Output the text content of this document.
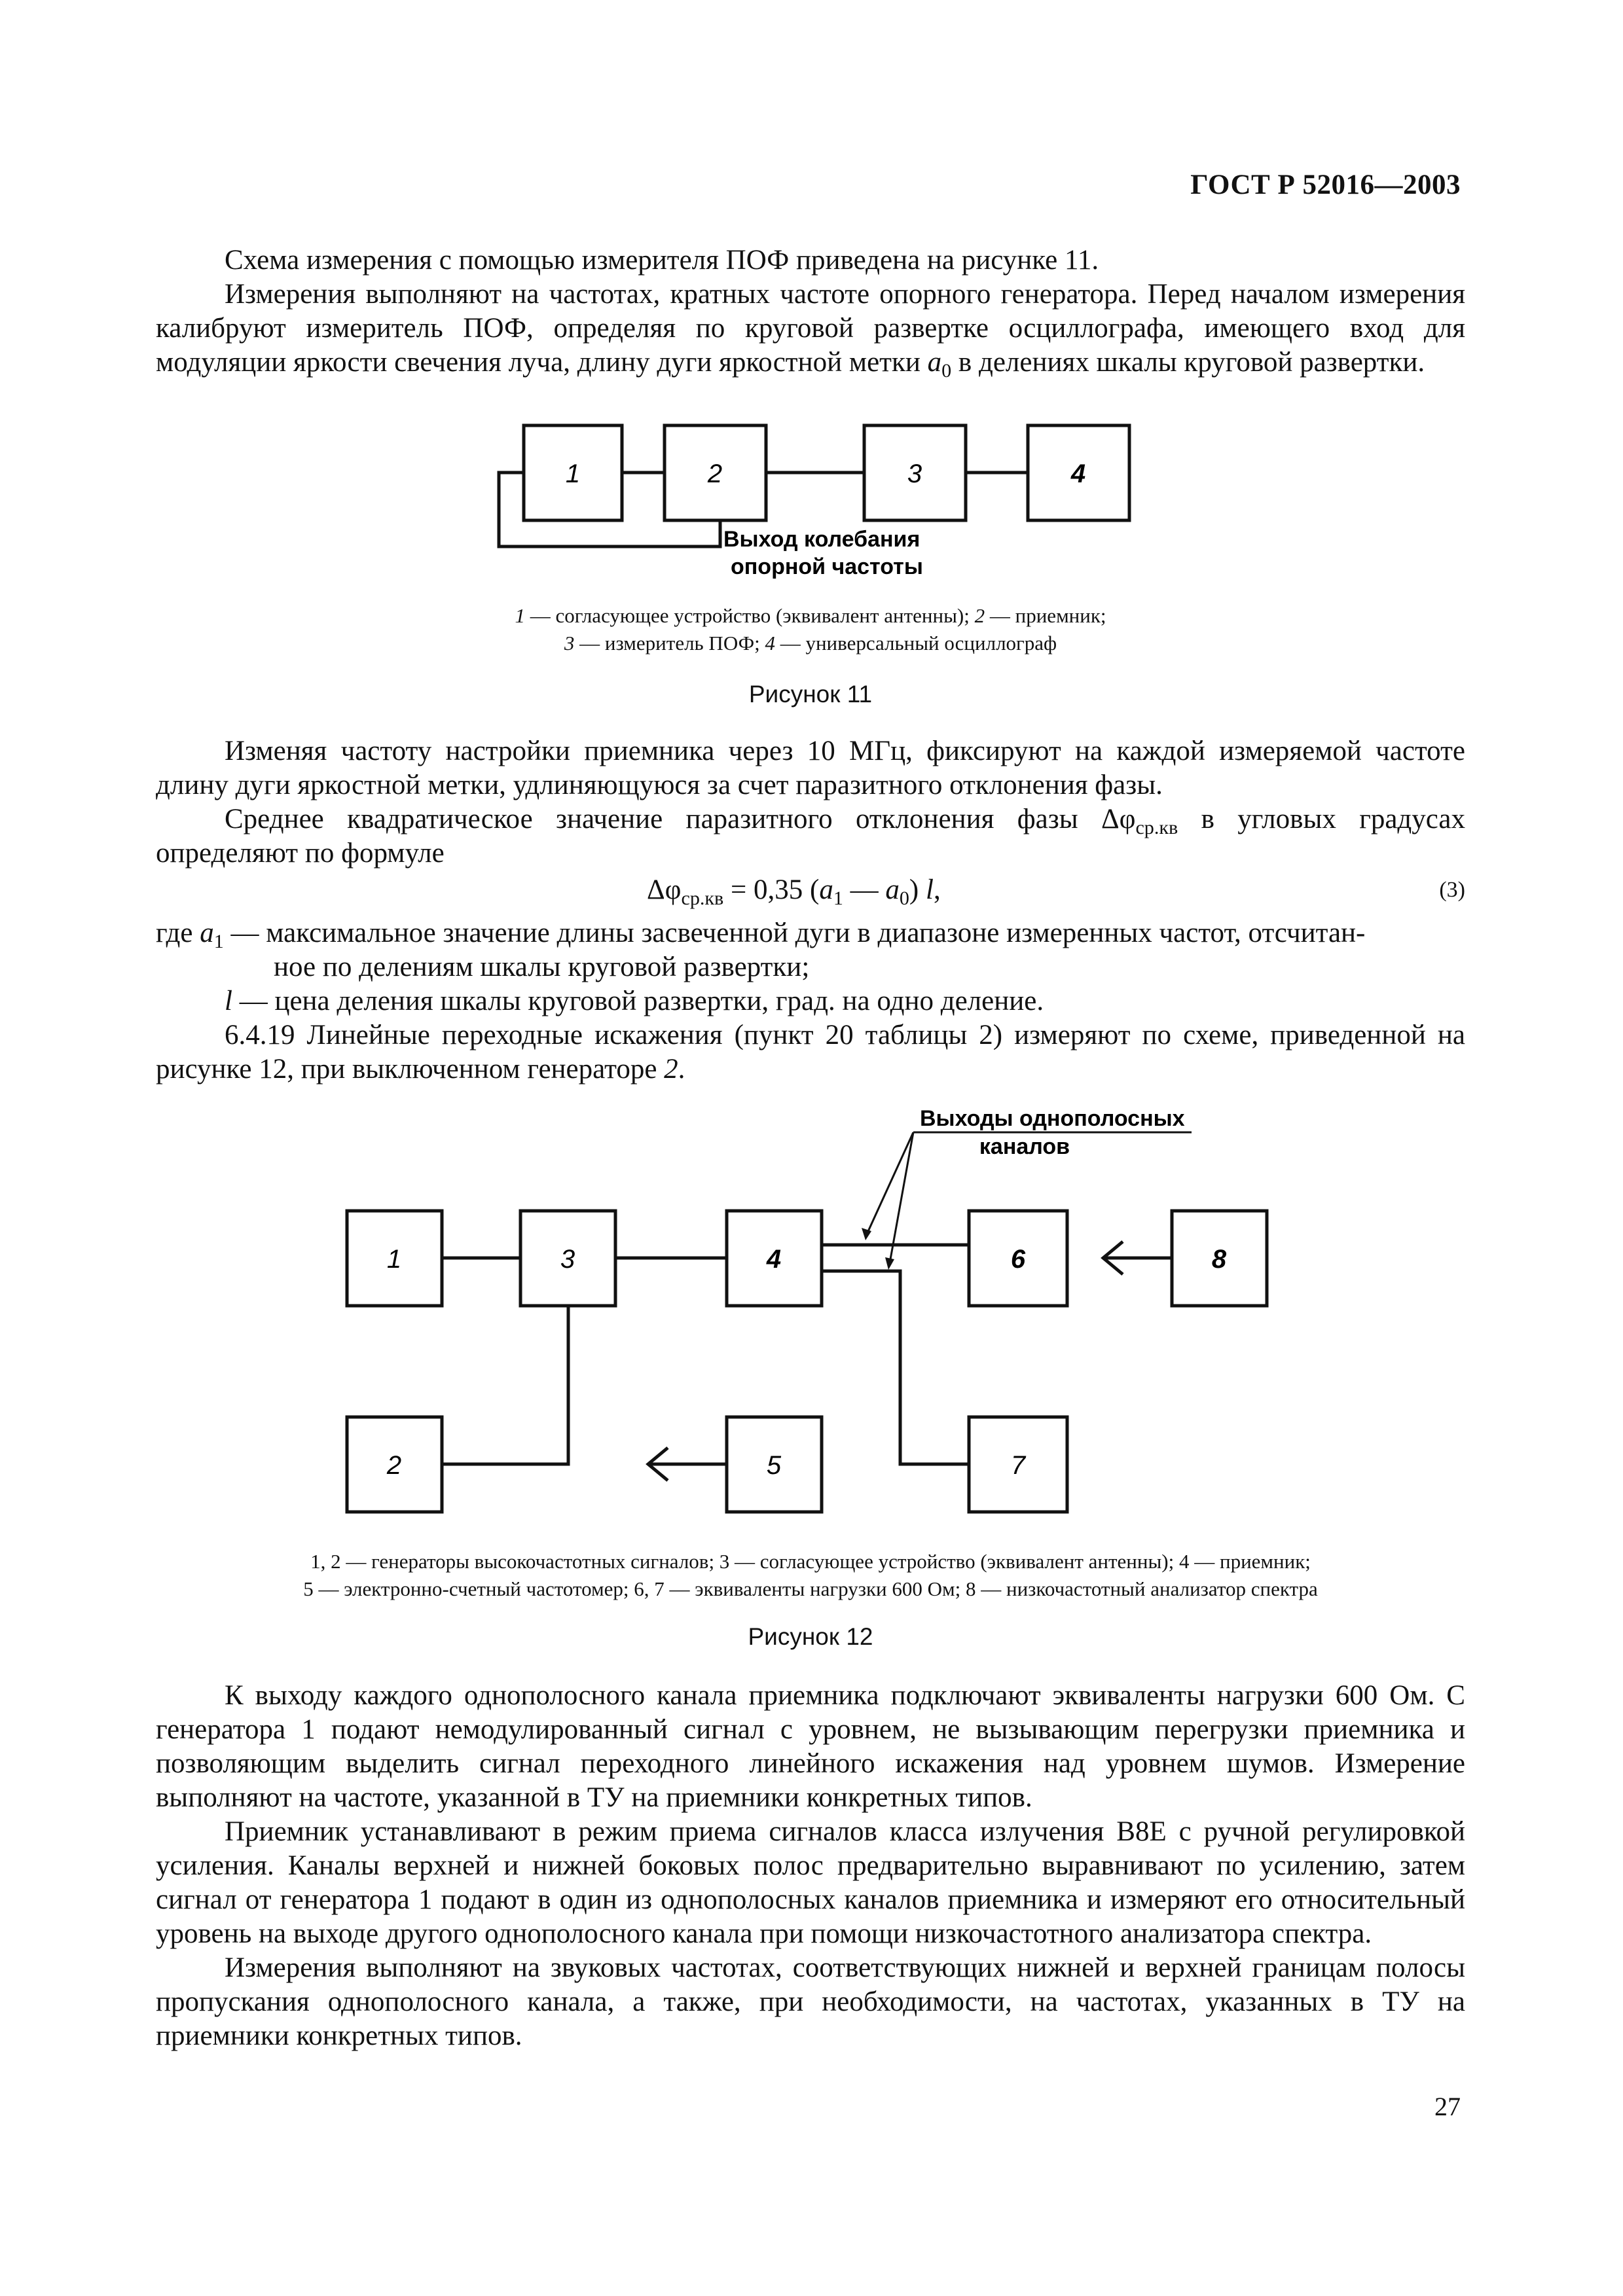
ГОСТ Р 52016—2003

Схема измерения с помощью измерителя ПОФ приведена на рисунке 11.

Измерения выполняют на частотах, кратных частоте опорного генератора. Перед началом измерения калибруют измеритель ПОФ, определяя по круговой развертке осциллографа, имеющего вход для модуляции яркости свечения луча, длину дуги яркостной метки $a_0$ в делениях шкалы круговой развертки.

1	2	3	4
Выход колебания
опорной частоты
1 — согласующее устройство (эквивалент антенны); 2 — приемник;
3 — измеритель ПОФ; 4 — универсальный осциллограф
Рисунок 11

Изменяя частоту настройки приемника через 10 МГц, фиксируют на каждой измеряемой частоте длину дуги яркостной метки, удлиняющуюся за счет паразитного отклонения фазы.

Среднее квадратическое значение паразитного отклонения фазы $\Delta\varphi_{ср.кв}$ в угловых градусах определяют по формуле

$\Delta\varphi_{ср.кв} = 0,35$ ($a_1$ — $a_0$) l,	(3)
где $a_1$ — максимальное значение длины засвеченной дуги в диапазоне измеренных частот, отсчитан-
ное по делениям шкалы круговой развертки;
l — цена деления шкалы круговой развертки, град. на одно деление.

6.4.19 Линейные переходные искажения (пункт 20 таблицы 2) измеряют по схеме, приведенной на рисунке 12, при выключенном генераторе 2.

1	3	4	6	8
2	5	7
Выходы однополосных
каналов
1, 2 — генераторы высокочастотных сигналов; 3 — согласующее устройство (эквивалент антенны); 4 — приемник;
5 — электронно-счетный частотомер; 6, 7 — эквиваленты нагрузки 600 Ом; 8 — низкочастотный анализатор спектра
Рисунок 12

К выходу каждого однополосного канала приемника подключают эквиваленты нагрузки 600 Ом. С генератора 1 подают немодулированный сигнал с уровнем, не вызывающим перегрузки приемника и позволяющим выделить сигнал переходного линейного искажения над уровнем шумов. Измерение выполняют на частоте, указанной в ТУ на приемники конкретных типов.

Приемник устанавливают в режим приема сигналов класса излучения В8Е с ручной регулировкой усиления. Каналы верхней и нижней боковых полос предварительно выравнивают по усилению, затем сигнал от генератора 1 подают в один из однополосных каналов приемника и измеряют его относительный уровень на выходе другого однополосного канала при помощи низкочастотного анализатора спектра.

Измерения выполняют на звуковых частотах, соответствующих нижней и верхней границам полосы пропускания однополосного канала, а также, при необходимости, на частотах, указанных в ТУ на приемники конкретных типов.

27
